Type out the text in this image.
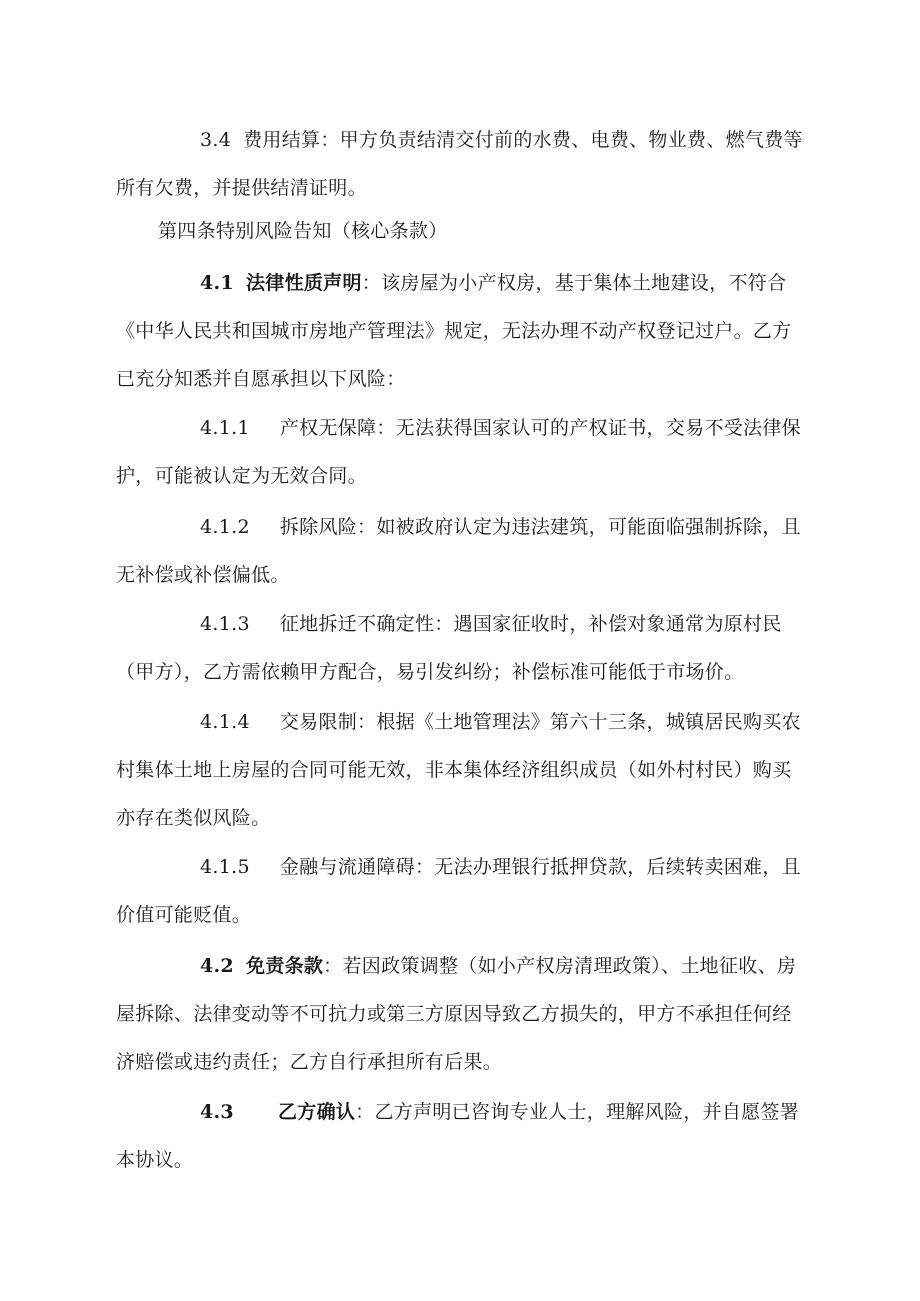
3.4 费用结算：甲方负责结清交付前的水费、电费、物业费、燃气费等所有欠费，并提供结清证明。

第四条特别风险告知（核心条款）

4.1 法律性质声明：该房屋为小产权房，基于集体土地建设，不符合《中华人民共和国城市房地产管理法》规定，无法办理不动产权登记过户。乙方已充分知悉并自愿承担以下风险：

4.1.1 产权无保障：无法获得国家认可的产权证书，交易不受法律保护，可能被认定为无效合同。

4.1.2 拆除风险：如被政府认定为违法建筑，可能面临强制拆除，且无补偿或补偿偏低。

4.1.3 征地拆迁不确定性：遇国家征收时，补偿对象通常为原村民（甲方），乙方需依赖甲方配合，易引发纠纷；补偿标准可能低于市场价。

4.1.4 交易限制：根据《土地管理法》第六十三条，城镇居民购买农村集体土地上房屋的合同可能无效，非本集体经济组织成员（如外村村民）购买亦存在类似风险。

4.1.5 金融与流通障碍：无法办理银行抵押贷款，后续转卖困难，且价值可能贬值。

4.2 免责条款：若因政策调整（如小产权房清理政策）、土地征收、房屋拆除、法律变动等不可抗力或第三方原因导致乙方损失的，甲方不承担任何经济赔偿或违约责任；乙方自行承担所有后果。

4.3 乙方确认：乙方声明已咨询专业人士，理解风险，并自愿签署本协议。
